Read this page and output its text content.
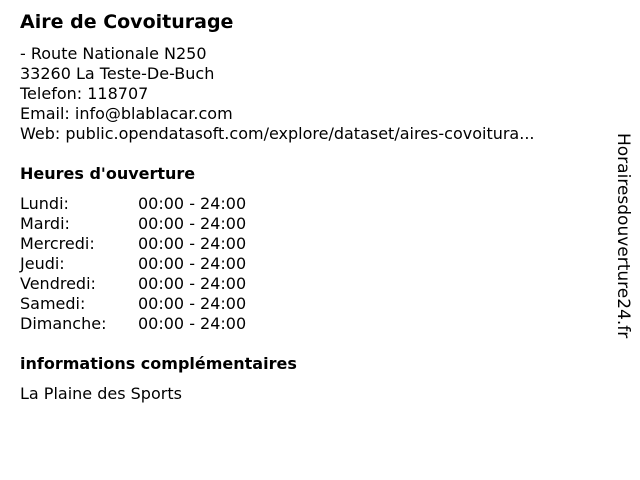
Aire de Covoiturage
- Route Nationale N250
33260 La Teste-De-Buch
Telefon: 118707
Email: info@blablacar.com
Web: public.opendatasoft.com/explore/dataset/aires-covoitura...
Heures d'ouverture
Lundi:	00:00 - 24:00
Mardi:	00:00 - 24:00
Mercredi:	00:00 - 24:00
Jeudi:	00:00 - 24:00
Vendredi:	00:00 - 24:00
Samedi:	00:00 - 24:00
Dimanche:	00:00 - 24:00
informations complémentaires
La Plaine des Sports
Horairesdouverture24.fr
